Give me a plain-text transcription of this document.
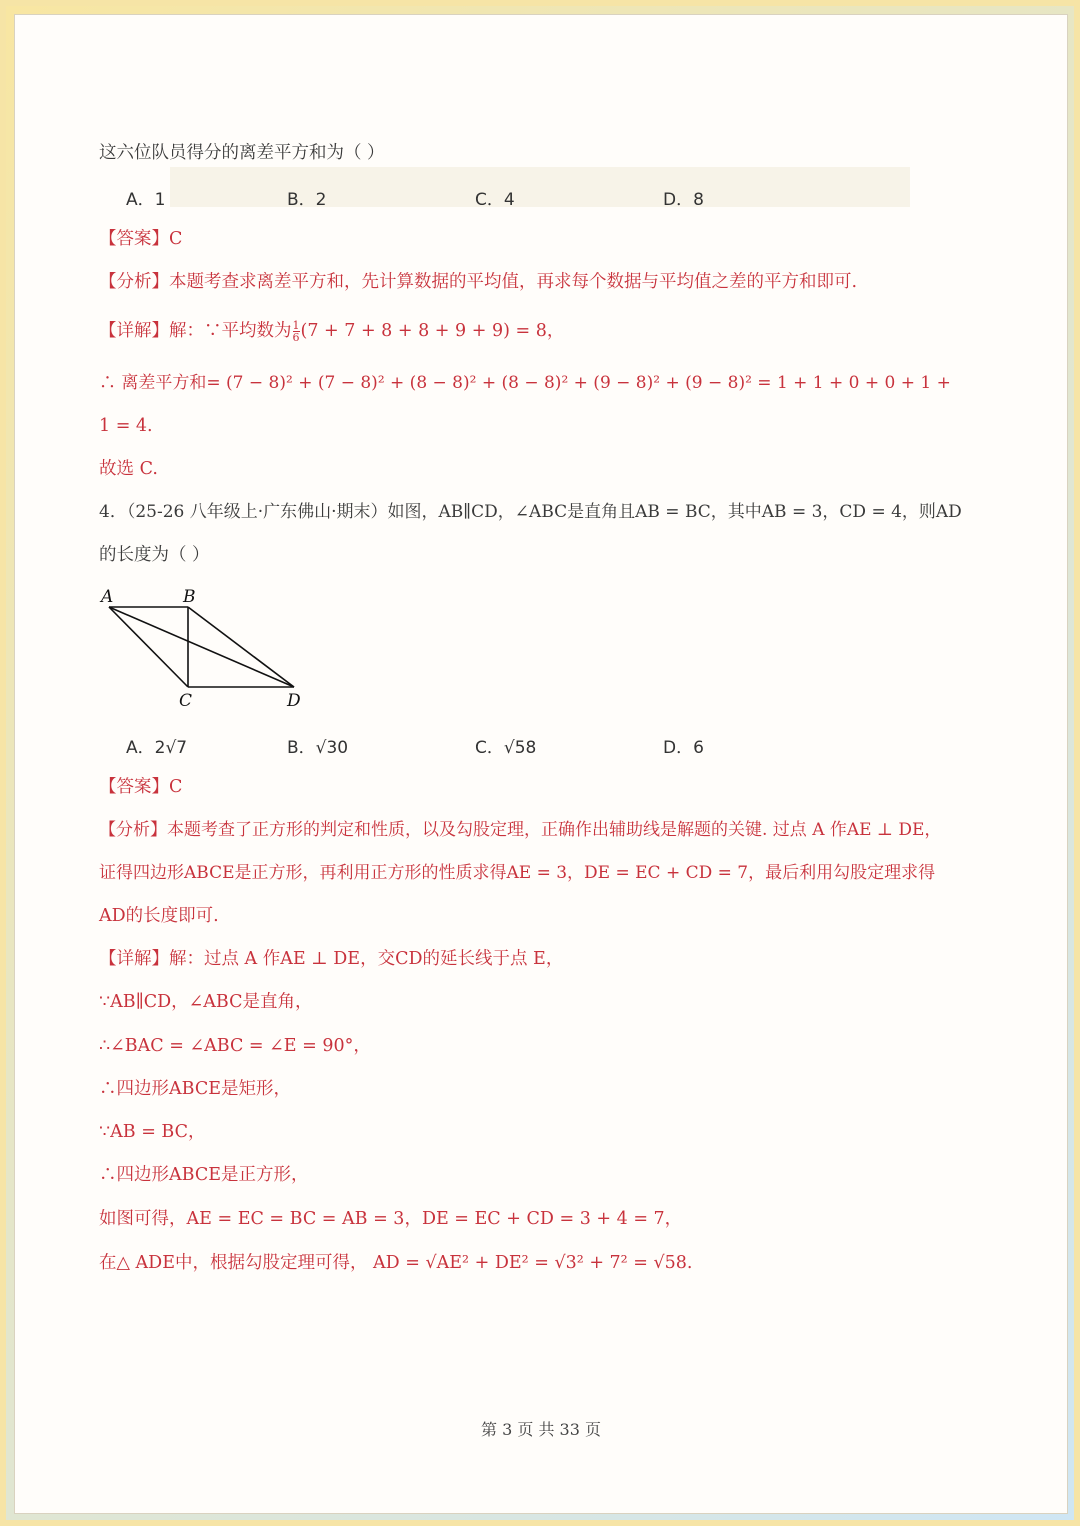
这六位队员得分的离差平方和为（ ）
A．1	B．2	C．4	D．8
【答案】C
【分析】本题考查求离差平方和，先计算数据的平均值，再求每个数据与平均值之差的平方和即可.
【详解】解：∵平均数为 $\frac{1}{6} (7 + 7 + 8 + 8 + 9 + 9) = 8$，
∴ 离差平方和= (7 − 8)² + (7 − 8)² + (8 − 8)² + (8 − 8)² + (9 − 8)² + (9 − 8)² = 1 + 1 + 0 + 0 + 1 +
1 = 4.
故选 C.
4．（25-26 八年级上·广东佛山·期末）如图，AB∥CD，∠ABC是直角且AB = BC，其中AB = 3，CD = 4，则AD
的长度为（ ）
A	B
C	D
A．2√7	B．√30	C．√58	D．6
【答案】C
【分析】本题考查了正方形的判定和性质，以及勾股定理，正确作出辅助线是解题的关键. 过点 A 作AE ⊥ DE，
证得四边形ABCE是正方形，再利用正方形的性质求得AE = 3，DE = EC + CD = 7，最后利用勾股定理求得
AD的长度即可.
【详解】解：过点 A 作AE ⊥ DE，交CD的延长线于点 E，
∵AB∥CD，∠ABC是直角，
∴∠BAC = ∠ABC = ∠E = 90°，
∴四边形ABCE是矩形，
∵AB = BC，
∴四边形ABCE是正方形，
如图可得，AE = EC = BC = AB = 3，DE = EC + CD = 3 + 4 = 7，
在△ ADE中，根据勾股定理可得， AD = √AE² + DE² = √3² + 7² = √58.
第 3 页 共 33 页
